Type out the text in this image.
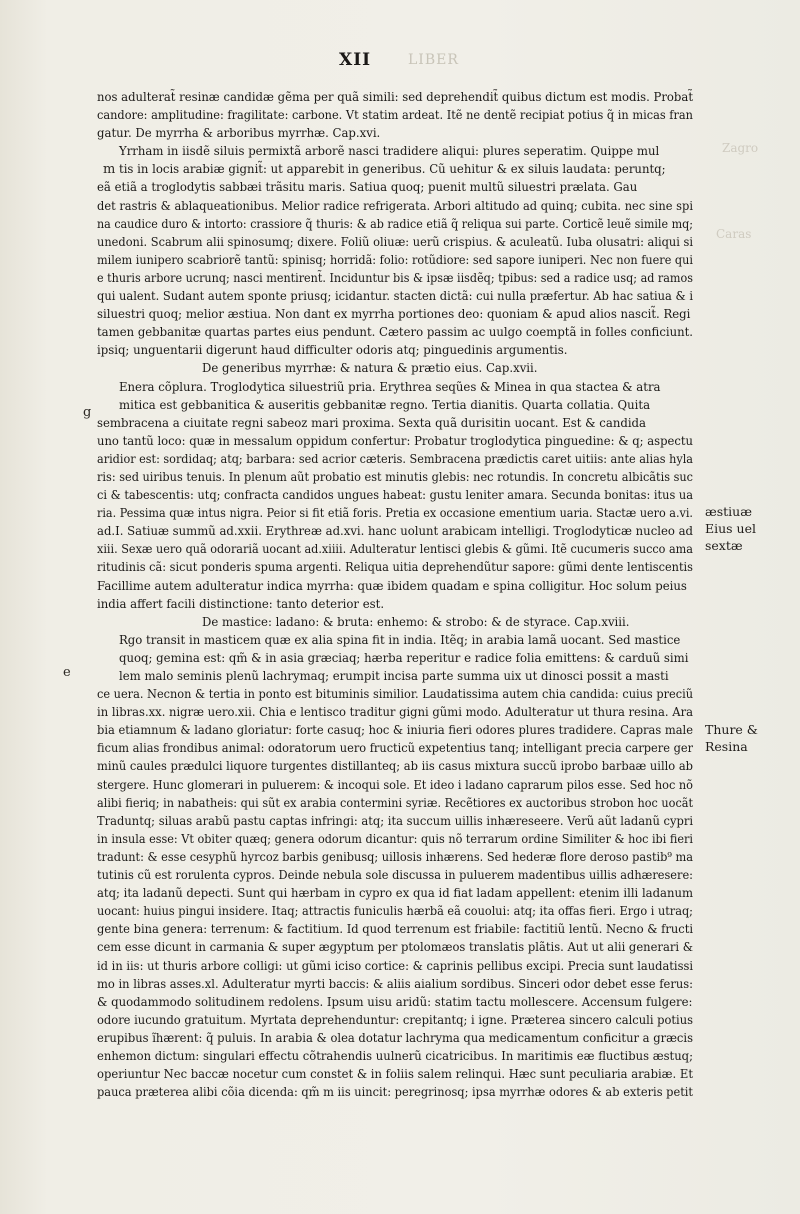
XII	LIBER
nos adulterat̃ resinæ candidæ gẽma per quã simili: sed deprehendit̃ quibus dictum est modis. Probat̃
candore: amplitudine: fragilitate: carbone. Vt statim ardeat. Itẽ ne dentẽ recipiat potius q̃ in micas fran
gatur. De myrrha & arboribus myrrhæ. Cap.xvi.
Yrrham in iisdẽ siluis permixtã arborẽ nasci tradidere aliqui: plures seperatim. Quippe mul
tis in locis arabiæ gignit̃: ut apparebit in generibus. Cũ uehitur & ex siluis laudata: peruntq;
eã etiã a troglodytis sabbæi trãsitu maris. Satiua quoq; puenit multũ siluestri prælata. Gau
det rastris & ablaqueationibus. Melior radice refrigerata. Arbori altitudo ad quinq; cubita. nec sine spi
na caudice duro & intorto: crassiore q̃ thuris: & ab radice etiã q̃ reliqua sui parte. Corticẽ leuẽ simile mq;
unedoni. Scabrum alii spinosumq; dixere. Foliũ oliuæ: uerũ crispius. & aculeatũ. Iuba olusatri: aliqui si
milem iunipero scabriorẽ tantũ: spinisq; horridã: folio: rotũdiore: sed sapore iuniperi. Nec non fuere qui
e thuris arbore ucrunq; nasci mentirent̃. Inciduntur bis & ipsæ iisdẽq; tpibus: sed a radice usq; ad ramos
qui ualent. Sudant autem sponte priusq; icidantur. stacten dictã: cui nulla præfertur. Ab hac satiua & i
siluestri quoq; melior æstiua. Non dant ex myrrha portiones deo: quoniam & apud alios nascit̃. Regi
tamen gebbanitæ quartas partes eius pendunt. Cætero passim ac uulgo coemptã in folles conficiunt.
ipsiq; unguentarii digerunt haud difficulter odoris atq; pinguedinis argumentis.
De generibus myrrhæ: & natura & prætio eius. Cap.xvii.
Enera cõplura. Troglodytica siluestriũ pria. Erythrea seqũes & Minea in qua stactea & atra
mitica est gebbanitica & auseritis gebbanitæ regno. Tertia dianitis. Quarta collatia. Quita
sembracena a ciuitate regni sabeoz mari proxima. Sexta quã durisitin uocant. Est & candida
uno tantũ loco: quæ in messalum oppidum confertur: Probatur troglodytica pinguedine: & q; aspectu
aridior est: sordidaq; atq; barbara: sed acrior cæteris. Sembracena prædictis caret uitiis: ante alias hyla
ris: sed uiribus tenuis. In plenum aũt probatio est minutis glebis: nec rotundis. In concretu albicãtis suc
ci & tabescentis: utq; confracta candidos ungues habeat: gustu leniter amara. Secunda bonitas: itus ua
ria. Pessima quæ intus nigra. Peior si fit etiã foris. Pretia ex occasione ementium uaria. Stactæ uero a.vi.
ad.I. Satiuæ summũ ad.xxii. Erythreæ ad.xvi. hanc uolunt arabicam intelligi. Troglodyticæ nucleo ad
xiii. Sexæ uero quã odorariã uocant ad.xiiii. Adulteratur lentisci glebis & gũmi. Itẽ cucumeris succo ama
ritudinis cã: sicut ponderis spuma argenti. Reliqua uitia deprehendũtur sapore: gũmi dente lentiscentis
Facillime autem adulteratur indica myrrha: quæ ibidem quadam e spina colligitur. Hoc solum peius
india affert facili distinctione: tanto deterior est.
De mastice: ladano: & bruta: enhemo: & strobo: & de styrace. Cap.xviii.
Rgo transit in masticem quæ ex alia spina fit in india. Itẽq; in arabia lamã uocant. Sed mastice
quoq; gemina est: qm̃ & in asia græciaq; hærba reperitur e radice folia emittens: & carduũ simi
lem malo seminis plenũ lachrymaq; erumpit incisa parte summa uix ut dinosci possit a masti
ce uera. Necnon & tertia in ponto est bituminis similior. Laudatissima autem chia candida: cuius preciũ
in libras.xx. nigræ uero.xii. Chia e lentisco traditur gigni gũmi modo. Adulteratur ut thura resina. Ara
bia etiamnum & ladano gloriatur: forte casuq; hoc & iniuria fieri odores plures tradidere. Capras male
ficum alias frondibus animal: odoratorum uero fructicũ expetentius tanq; intelligant precia carpere ger
minũ caules prædulci liquore turgentes distillanteq; ab iis casus mixtura succũ iprobo barbaæ uillo ab
stergere. Hunc glomerari in puluerem: & incoqui sole. Et ideo i ladano caprarum pilos esse. Sed hoc nõ
alibi fieriq; in nabatheis: qui sũt ex arabia contermini syriæ. Recẽtiores ex auctoribus strobon hoc uocãt
Traduntq; siluas arabũ pastu captas infringi: atq; ita succum uillis inhæreseere. Verũ aũt ladanũ cypri
in insula esse: Vt obiter quæq; genera odorum dicantur: quis nõ terrarum ordine Similiter & hoc ibi fieri
tradunt: & esse cesyphũ hyrcoz barbis genibusq; uillosis inhærens. Sed hederæ flore deroso pastib⁹ ma
tutinis cũ est rorulenta cypros. Deinde nebula sole discussa in puluerem madentibus uillis adhæresere:
atq; ita ladanũ depecti. Sunt qui hærbam in cypro ex qua id fiat ladam appellent: etenim illi ladanum
uocant: huius pingui insidere. Itaq; attractis funiculis hærbã eã couolui: atq; ita offas fieri. Ergo i utraq;
gente bina genera: terrenum: & factitium. Id quod terrenum est friabile: factitiũ lentũ. Necno & fructi
cem esse dicunt in carmania & super ægyptum per ptolomæos translatis plãtis. Aut ut alii generari &
id in iis: ut thuris arbore colligi: ut gũmi iciso cortice: & caprinis pellibus excipi. Precia sunt laudatissi
mo in libras asses.xl. Adulteratur myrti baccis: & aliis aialium sordibus. Sinceri odor debet esse ferus:
& quodammodo solitudinem redolens. Ipsum uisu aridũ: statim tactu mollescere. Accensum fulgere:
odore iucundo gratuitum. Myrtata deprehenduntur: crepitantq; i igne. Præterea sincero calculi potius
erupibus ĩhærent: q̃ puluis. In arabia & olea dotatur lachryma qua medicamentum conficitur a græcis
enhemon dictum: singulari effectu cõtrahendis uulnerũ cicatricibus. In maritimis eæ fluctibus æstuq;
operiuntur Nec baccæ nocetur cum constet & in foliis salem relinqui. Hæc sunt peculiaria arabiæ. Et
pauca præterea alibi cõia dicenda: qm̃ m iis uincit: peregrinosq; ipsa myrrhæ odores & ab exteris petit
m
g
e
æstiuæ
Eius uel
sextæ
Thure &
Resina
Zagro
Caras
